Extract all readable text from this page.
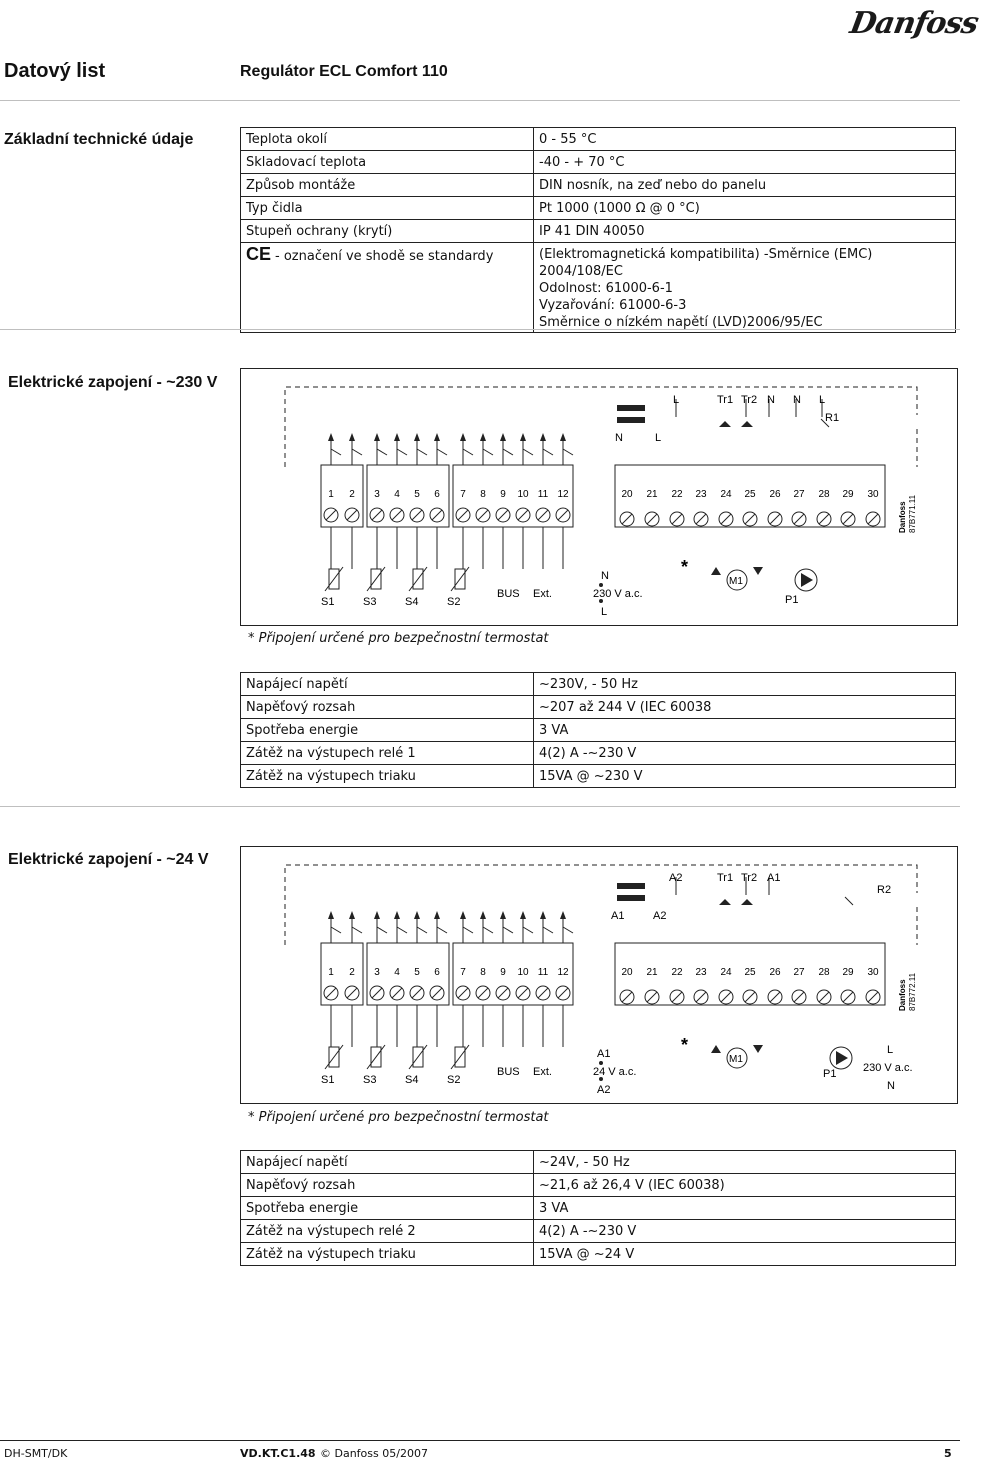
Danfoss
Datový list	Regulátor ECL Comfort 110
Základní technické údaje	Teplota okolí	0 - 55 °C
Skladovací teplota	-40 - + 70 °C
Způsob montáže	DIN nosník, na zeď nebo do panelu
Typ čidla	Pt 1000 (1000 Ω @ 0 °C)
Stupeň ochrany (krytí)	IP 41 DIN 40050
CE - označení ve shodě se standardy	(Elektromagnetická kompatibilita) -Směrnice (EMC) 2004/108/EC
Odolnost: 61000-6-1
Vyzařování: 61000-6-3
Směrnice o nízkém napětí (LVD)2006/95/EC
Elektrické zapojení - ~230 V
1 2 3 4 5 6 7 8 9 10 11 12	20 21 22 23 24 25 26 27 28 29 30
S1	S3	S4	S2
BUS Ext.
N
230 V a.c.
L
N	L
L	Tr1 Tr2 N N L
R1
*
M1
P1
Danfoss 87B771.11
* Připojení určené pro bezpečnostní termostat
Napájecí napětí	~230V, - 50 Hz
Napěťový rozsah	~207 až 244 V (IEC 60038
Spotřeba energie	3 VA
Zátěž na výstupech relé 1	4(2) A -~230 V
Zátěž na výstupech triaku	15VA @ ~230 V
Elektrické zapojení - ~24 V
1 2 3 4 5 6 7 8 9 10 11 12	20 21 22 23 24 25 26 27 28 29 30
S1	S3	S4	S2
BUS Ext.
A1
24 V a.c.
A2
A1	A2
A2	Tr1 Tr2 A1
R2
*
M1
P1
L
230 V a.c.
N
Danfoss 87B772.11
* Připojení určené pro bezpečnostní termostat
Napájecí napětí	~24V, - 50 Hz
Napěťový rozsah	~21,6 až 26,4 V (IEC 60038)
Spotřeba energie	3 VA
Zátěž na výstupech relé 2	4(2) A -~230 V
Zátěž na výstupech triaku	15VA @ ~24 V
DH-SMT/DK	VD.KT.C1.48 © Danfoss 05/2007	5
